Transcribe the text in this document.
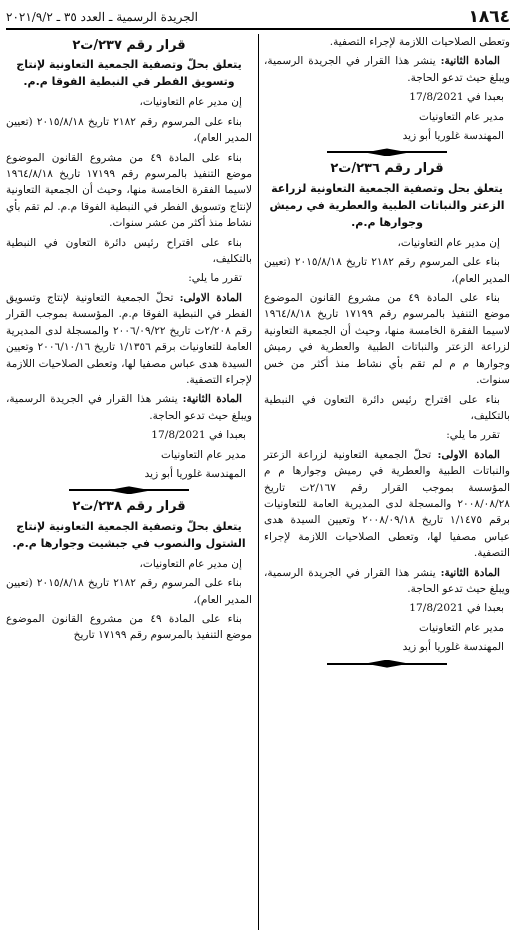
١٨٦٤
الجريدة الرسمية ـ العدد ٣٥ ـ ٢٠٢١/٩/٢

وتعطى الصلاحيات اللازمة لإجراء التصفية.

المادة الثانية: ينشر هذا القرار في الجريدة الرسمية، ويبلغ حيث تدعو الحاجة.

بعبدا في 17/8/2021

مدير عام التعاونيات

المهندسة غلوريا أبو زيد

قرار رقم ٢٣٦/ت٢
يتعلق بحل وتصفية الجمعية التعاونية لزراعة الزعتر والنباتات الطبية والعطرية في رميش وجوارها م.م.

إن مدير عام التعاونيات،

بناء على المرسوم رقم ٢١٨٢ تاريخ ٢٠١٥/٨/١٨ (تعيين المدير العام)،

بناء على المادة ٤٩ من مشروع القانون الموضوع موضع التنفيذ بالمرسوم رقم ١٧١٩٩ تاريخ ١٩٦٤/٨/١٨ لاسيما الفقرة الخامسة منها، وحيث أن الجمعية التعاونية لزراعة الزعتر والنباتات الطبية والعطرية في رميش وجوارها م م لم تقم بأي نشاط منذ أكثر من خس سنوات.

بناء على اقتراح رئيس دائرة التعاون في النبطية بالتكليف،

تقرر ما يلي:

المادة الاولى: تحلّ الجمعية التعاونية لزراعة الزعتر والنباتات الطبية والعطرية في رميش وجوارها م م المؤسسة بموجب القرار رقم ٢/١٦٧ت تاريخ ٢٠٠٨/٠٨/٢٨ والمسجلة لدى المديرية العامة للتعاونيات برقم ١/١٤٧٥ تاريخ ٢٠٠٨/٠٩/١٨ وتعيين السيدة هدى عباس مصفيا لها، وتعطى الصلاحيات اللازمة لإجراء التصفية.

المادة الثانية: ينشر هذا القرار في الجريدة الرسمية، ويبلغ حيث تدعو الحاجة.

بعبدا في 17/8/2021

مدير عام التعاونيات

المهندسة غلوريا أبو زيد

قرار رقم ٢٣٧/ت٢
يتعلق بحلّ وتصفية الجمعية التعاونية لإنتاج وتسويق الفطر في النبطية الفوقا م.م.

إن مدير عام التعاونيات،

بناء على المرسوم رقم ٢١٨٢ تاريخ ٢٠١٥/٨/١٨ (تعيين المدير العام)،

بناء على المادة ٤٩ من مشروع القانون الموضوع موضع التنفيذ بالمرسوم رقم ١٧١٩٩ تاريخ ١٩٦٤/٨/١٨ لاسيما الفقرة الخامسة منها، وحيث أن الجمعية التعاونية لإنتاج وتسويق الفطر في النبطية الفوقا م.م. لم تقم بأي نشاط منذ أكثر من عشر سنوات.

بناء على اقتراح رئيس دائرة التعاون في النبطية بالتكليف،

تقرر ما يلي:

المادة الاولى: تحلّ الجمعية التعاونية لإنتاج وتسويق الفطر في النبطية الفوقا م.م. المؤسسة بموجب القرار رقم ٢/٢٠٨ت تاريخ ٢٠٠٦/٠٩/٢٢ والمسجلة لدى المديرية العامة للتعاونيات برقم ١/١٣٥٦ تاريخ ٢٠٠٦/١٠/١٦ وتعيين السيدة هدى عباس مصفيا لها، وتعطى الصلاحيات اللازمة لإجراء التصفية.

المادة الثانية: ينشر هذا القرار في الجريدة الرسمية، ويبلغ حيث تدعو الحاجة.

بعبدا في 17/8/2021

مدير عام التعاونيات

المهندسة غلوريا أبو زيد

قرار رقم ٢٣٨/ت٢
يتعلق بحلّ وتصفية الجمعية التعاونية لإنتاج الشتول والنصوب في جبشيت وجوارها م.م.

إن مدير عام التعاونيات،

بناء على المرسوم رقم ٢١٨٢ تاريخ ٢٠١٥/٨/١٨ (تعيين المدير العام)،

بناء على المادة ٤٩ من مشروع القانون الموضوع موضع التنفيذ بالمرسوم رقم ١٧١٩٩ تاريخ
